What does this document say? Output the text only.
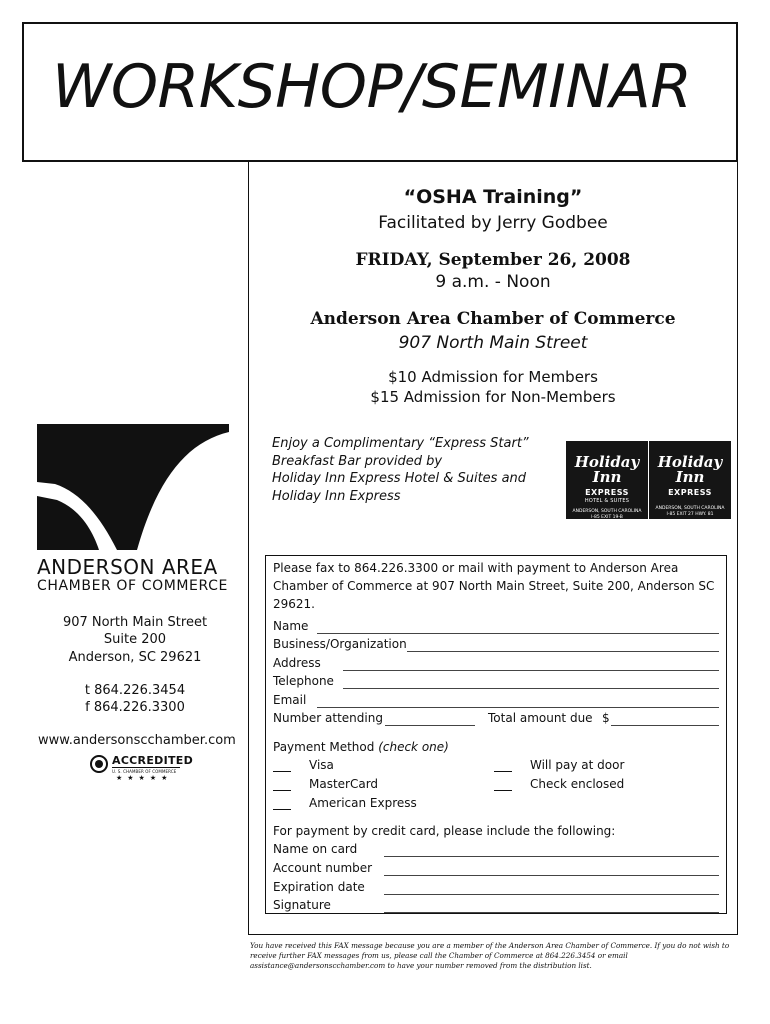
WORKSHOP/SEMINAR
“OSHA Training”
Facilitated by Jerry Godbee
FRIDAY, September 26, 2008
9 a.m. - Noon
Anderson Area Chamber of Commerce
907 North Main Street
$10 Admission for Members
$15 Admission for Non-Members
Enjoy a Complimentary “Express Start”
Breakfast Bar provided by
Holiday Inn Express Hotel & Suites and
Holiday Inn Express
Holiday
Inn
EXPRESS
HOTEL & SUITES
ANDERSON, SOUTH CAROLINA
I-85 EXIT 19-B
Holiday
Inn
EXPRESS
ANDERSON, SOUTH CAROLINA
I-85 EXIT 27 HWY. 81
ANDERSON AREA
CHAMBER OF COMMERCE
907 North Main Street
Suite 200
Anderson, SC 29621
t 864.226.3454
f 864.226.3300
www.andersonscchamber.com
ACCREDITED
U. S. CHAMBER OF COMMERCE
★★★★★
Please fax to 864.226.3300 or mail with payment to Anderson Area Chamber of Commerce at 907 North Main Street, Suite 200, Anderson SC 29621.
Name
Business/Organization
Address
Telephone
Email
Number attending	Total amount due $
Payment Method (check one)
Visa
MasterCard
American Express
Will pay at door
Check enclosed
For payment by credit card, please include the following:
Name on card
Account number
Expiration date
Signature
You have received this FAX message because you are a member of the Anderson Area Chamber of Commerce. If you do not wish to receive further FAX messages from us, please call the Chamber of Commerce at 864.226.3454 or email assistance@andersonscchamber.com to have your number removed from the distribution list.
